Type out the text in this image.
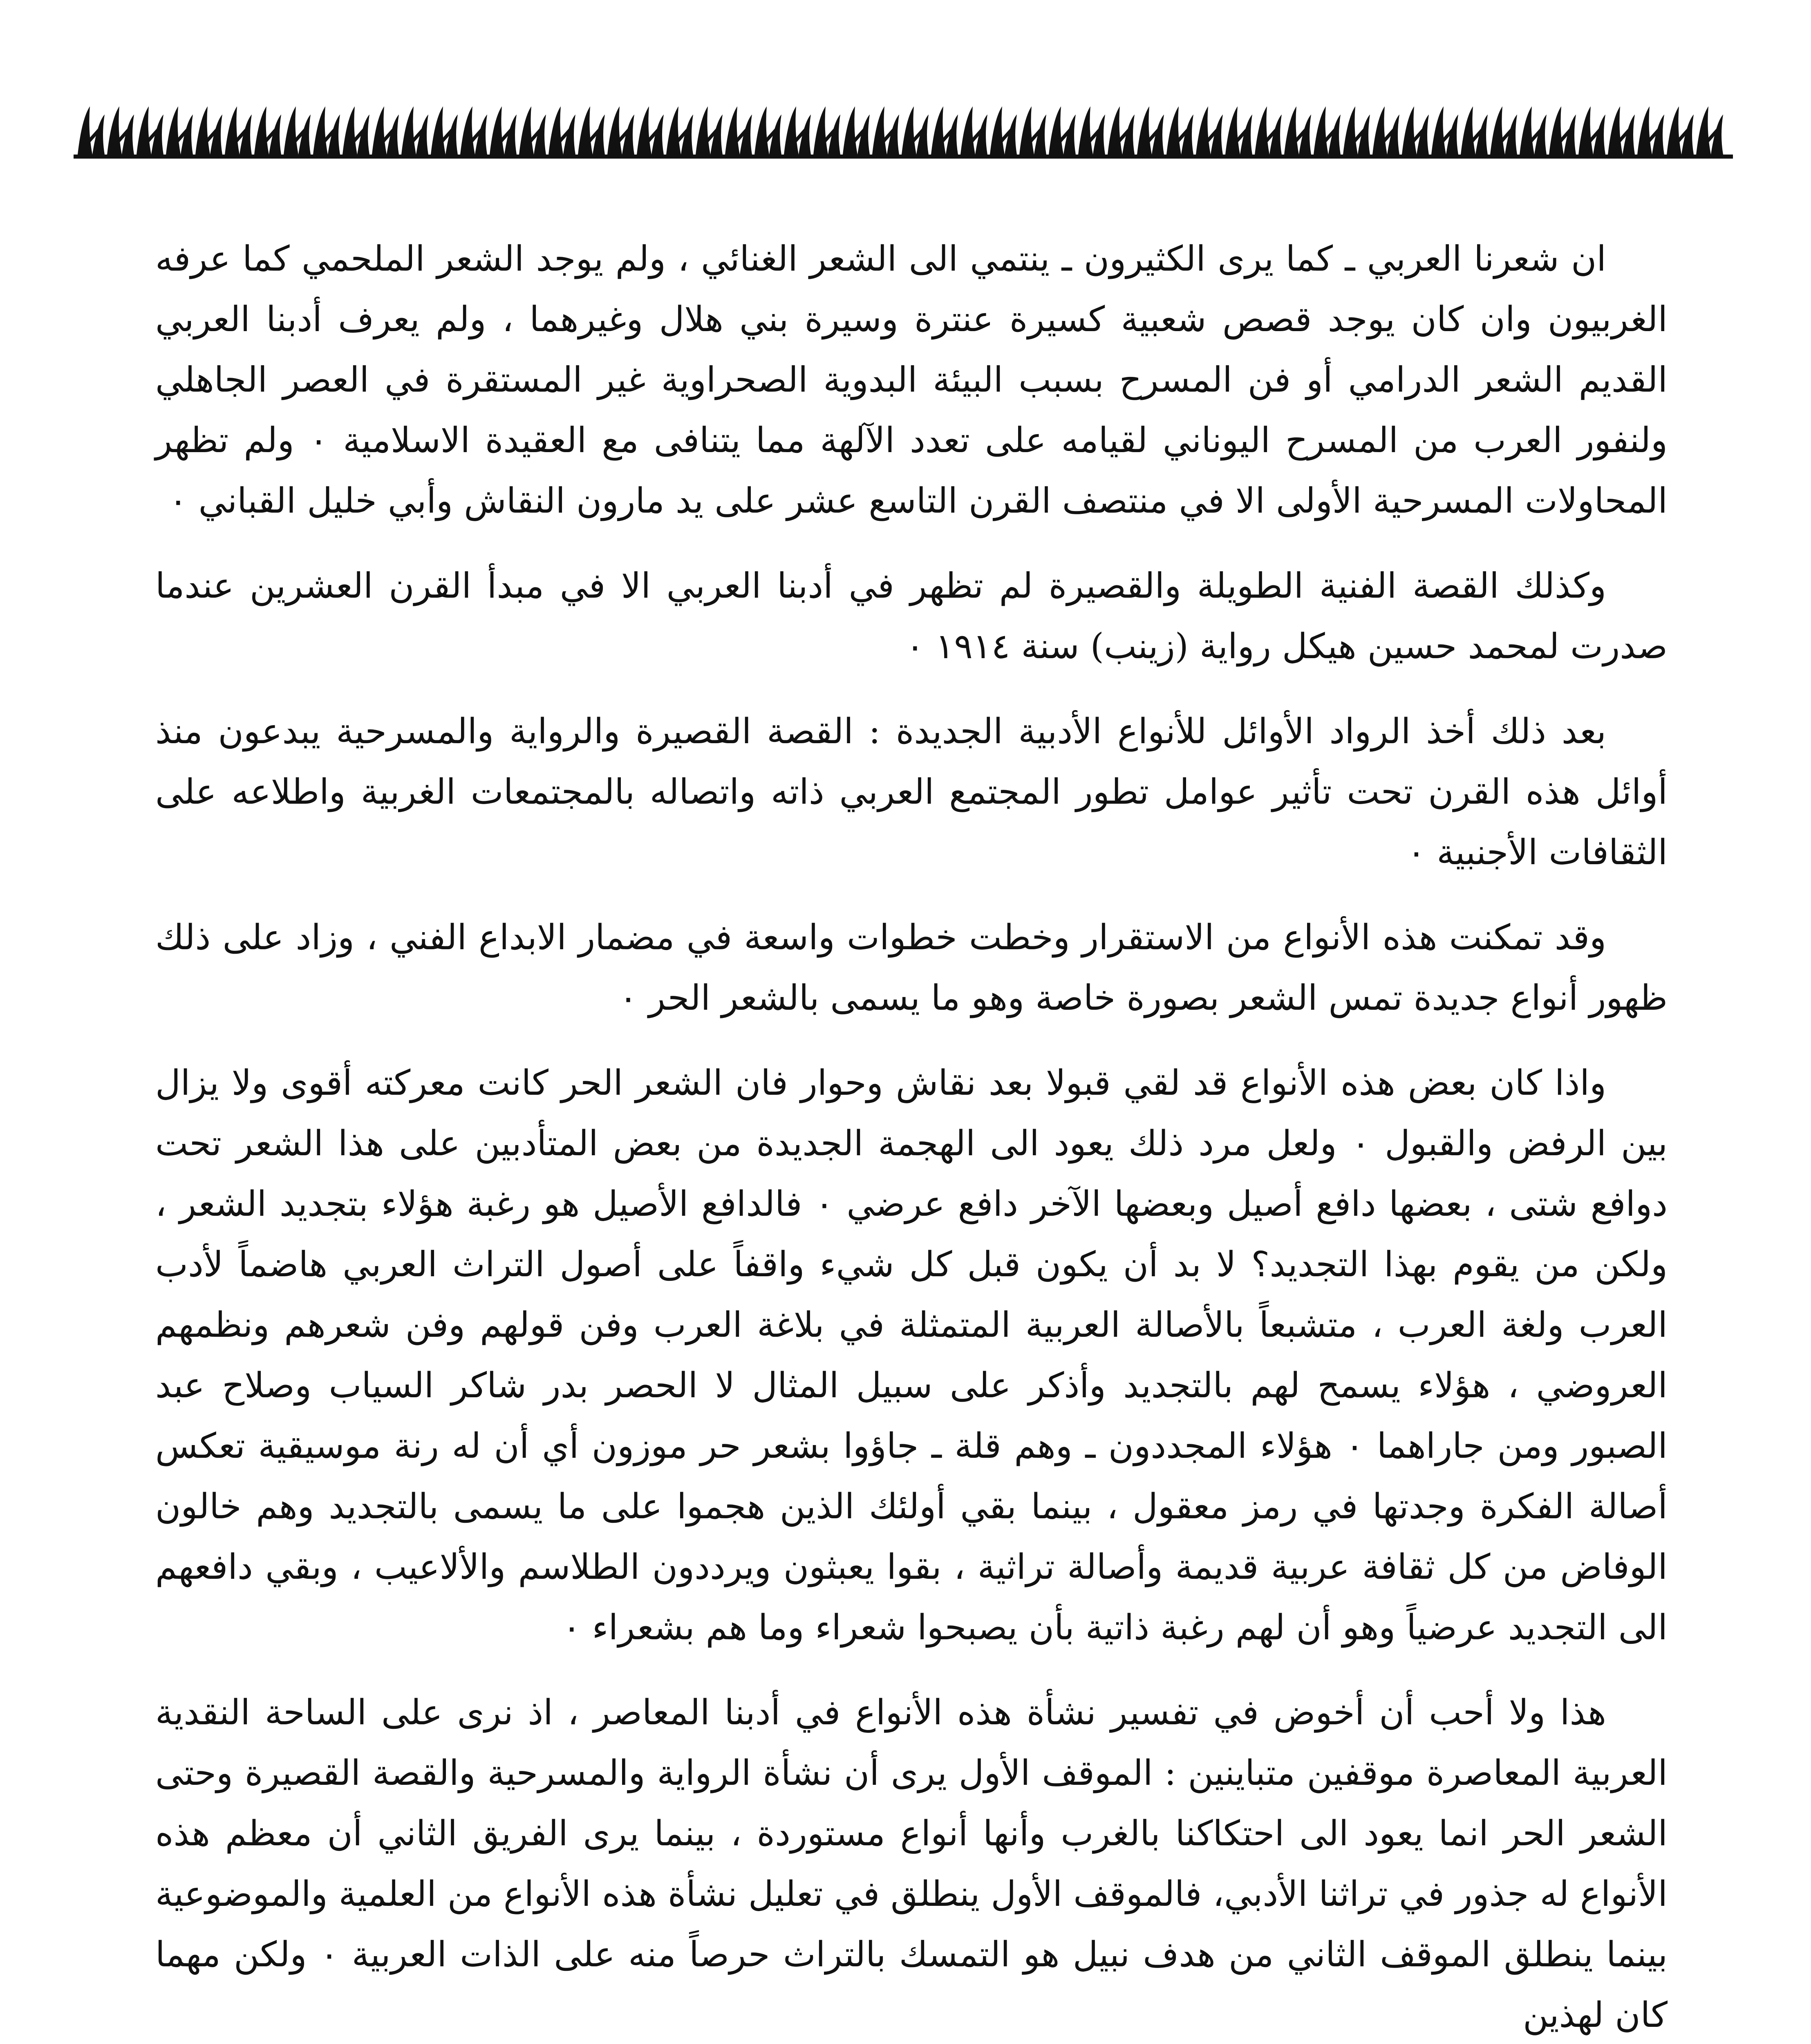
ان شعرنا العربي ـ كما يرى الكثيرون ـ ينتمي الى الشعر الغنائي ، ولم يوجد الشعر الملحمي كما عرفه الغربيون وان كان يوجد قصص شعبية كسيرة عنترة وسيرة بني هلال وغيرهما ، ولم يعرف أدبنا العربي القديم الشعر الدرامي أو فن المسرح بسبب البيئة البدوية الصحراوية غير المستقرة في العصر الجاهلي ولنفور العرب من المسرح اليوناني لقيامه على تعدد الآلهة مما يتنافى مع العقيدة الاسلامية ٠ ولم تظهر المحاولات المسرحية الأولى الا في منتصف القرن التاسع عشر على يد مارون النقاش وأبي خليل القباني ٠

وكذلك القصة الفنية الطويلة والقصيرة لم تظهر في أدبنا العربي الا في مبدأ القرن العشرين عندما صدرت لمحمد حسين هيكل رواية (زينب) سنة ١٩١٤ ٠

بعد ذلك أخذ الرواد الأوائل للأنواع الأدبية الجديدة : القصة القصيرة والرواية والمسرحية يبدعون منذ أوائل هذه القرن تحت تأثير عوامل تطور المجتمع العربي ذاته واتصاله بالمجتمعات الغربية واطلاعه على الثقافات الأجنبية ٠

وقد تمكنت هذه الأنواع من الاستقرار وخطت خطوات واسعة في مضمار الابداع الفني ، وزاد على ذلك ظهور أنواع جديدة تمس الشعر بصورة خاصة وهو ما يسمى بالشعر الحر ٠

واذا كان بعض هذه الأنواع قد لقي قبولا بعد نقاش وحوار فان الشعر الحر كانت معركته أقوى ولا يزال بين الرفض والقبول ٠ ولعل مرد ذلك يعود الى الهجمة الجديدة من بعض المتأدبين على هذا الشعر تحت دوافع شتى ، بعضها دافع أصيل وبعضها الآخر دافع عرضي ٠ فالدافع الأصيل هو رغبة هؤلاء بتجديد الشعر ، ولكن من يقوم بهذا التجديد؟ لا بد أن يكون قبل كل شيء واقفاً على أصول التراث العربي هاضماً لأدب العرب ولغة العرب ، متشبعاً بالأصالة العربية المتمثلة في بلاغة العرب وفن قولهم وفن شعرهم ونظمهم العروضي ، هؤلاء يسمح لهم بالتجديد وأذكر على سبيل المثال لا الحصر بدر شاكر السياب وصلاح عبد الصبور ومن جاراهما ٠ هؤلاء المجددون ـ وهم قلة ـ جاؤوا بشعر حر موزون أي أن له رنة موسيقية تعكس أصالة الفكرة وجدتها في رمز معقول ، بينما بقي أولئك الذين هجموا على ما يسمى بالتجديد وهم خالون الوفاض من كل ثقافة عربية قديمة وأصالة تراثية ، بقوا يعبثون ويرددون الطلاسم والألاعيب ، وبقي دافعهم الى التجديد عرضياً وهو أن لهم رغبة ذاتية بأن يصبحوا شعراء وما هم بشعراء ٠

هذا ولا أحب أن أخوض في تفسير نشأة هذه الأنواع في أدبنا المعاصر ، اذ نرى على الساحة النقدية العربية المعاصرة موقفين متباينين : الموقف الأول يرى أن نشأة الرواية والمسرحية والقصة القصيرة وحتى الشعر الحر انما يعود الى احتكاكنا بالغرب وأنها أنواع مستوردة ، بينما يرى الفريق الثاني أن معظم هذه الأنواع له جذور في تراثنا الأدبي، فالموقف الأول ينطلق في تعليل نشأة هذه الأنواع من العلمية والموضوعية بينما ينطلق الموقف الثاني من هدف نبيل هو التمسك بالتراث حرصاً منه على الذات العربية ٠ ولكن مهما كان لهذين
